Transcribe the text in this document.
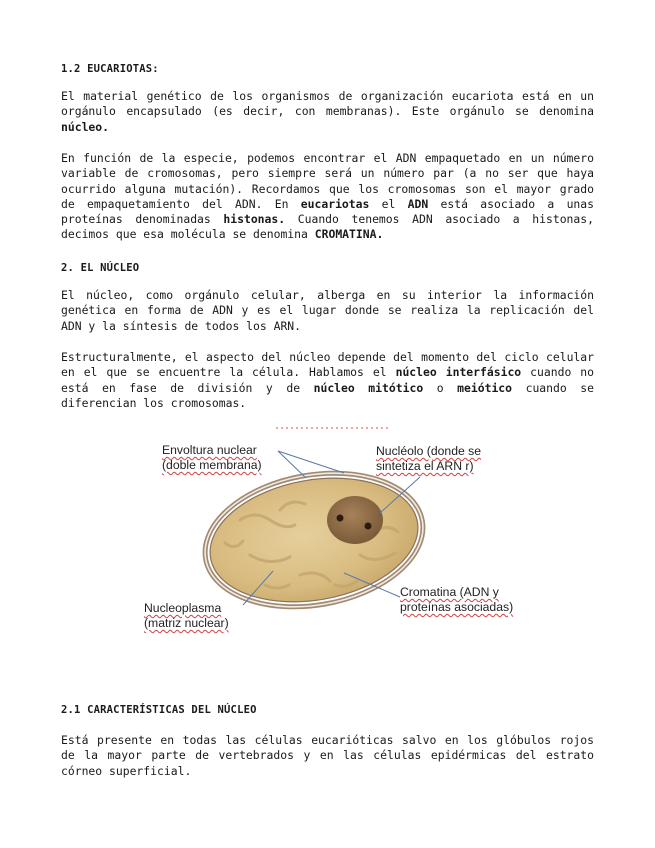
1.2 EUCARIOTAS:

El material genético de los organismos de organización eucariota está en un orgánulo encapsulado (es decir, con membranas). Este orgánulo se denomina núcleo.

En función de la especie, podemos encontrar el ADN empaquetado en un número variable de cromosomas, pero siempre será un número par (a no ser que haya ocurrido alguna mutación). Recordamos que los cromosomas son el mayor grado de empaquetamiento del ADN. En eucariotas el ADN está asociado a unas proteínas denominadas histonas. Cuando tenemos ADN asociado a histonas, decimos que esa molécula se denomina CROMATINA.

2. EL NÚCLEO

El núcleo, como orgánulo celular, alberga en su interior la información genética en forma de ADN y es el lugar donde se realiza la replicación del ADN y la síntesis de todos los ARN.

Estructuralmente, el aspecto del núcleo depende del momento del ciclo celular en el que se encuentre la célula. Hablamos el núcleo interfásico cuando no está en fase de división y de núcleo mitótico o meiótico cuando se diferencian los cromosomas.

2.1 CARACTERÍSTICAS DEL NÚCLEO

Está presente en todas las células eucarióticas salvo en los glóbulos rojos de la mayor parte de vertebrados y en las células epidérmicas del estrato córneo superficial.

Envoltura nuclear
(doble membrana)
Nucléolo (donde se
sintetiza el ARN r)
Cromatina (ADN y
proteínas asociadas)
Nucleoplasma
(matriz nuclear)
